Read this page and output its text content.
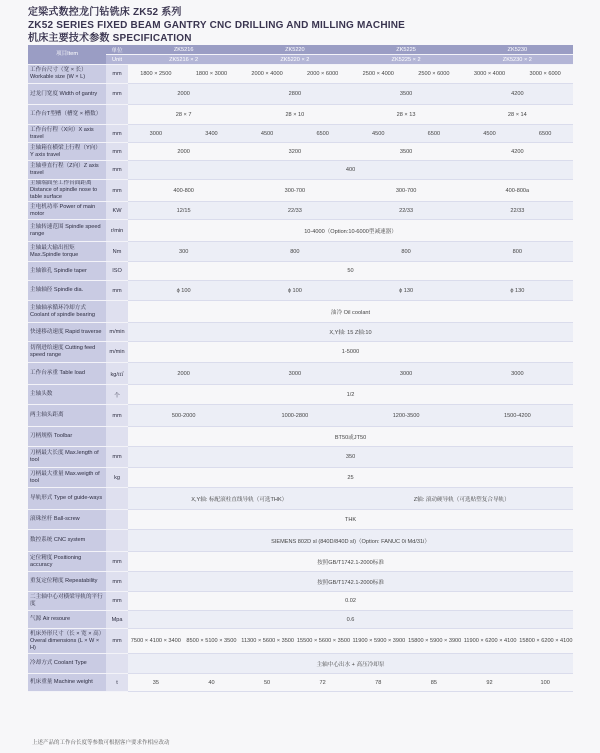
定梁式数控龙门钻铣床 ZK52 系列
ZK52 SERIES FIXED BEAM GANTRY CNC DRILLING AND MILLING MACHINE
机床主要技术参数 SPECIFICATION
项目Item	单位	ZK5216		ZK5220		ZK5225		ZK5230	
	Unit	ZK5216 × 2		ZK5220 × 2		ZK5225 × 2		ZK5230 × 2	
工作台尺寸（宽 × 长）Workable size (W × L)	mm	1800 × 2500	1800 × 3000	2000 × 4000	2000 × 6000	2500 × 4000	2500 × 6000	3000 × 4000	3000 × 6000
过龙门宽度 Width of gantry	mm	2000		2800		3500		4200	
工作台T型槽（槽宽 × 槽数）		28 × 7		28 × 10		28 × 13		28 × 14	
工作台行程（X向）X axis travel	mm	3000	3400	4500	6500	4500	6500	4500	6500
主轴箱在横梁上行程（Y向）Y axis travel	mm	2000		3200		3500		4200	
主轴垂直行程（Z向）Z axis travel	mm	400							
主轴端面至工作台面距离 Distance of spindle nose to table surface	mm	400-800		300-700		300-700		400-800a	
主电机功率 Power of main motor	KW	12/15		22/33		22/33		22/33	
主轴转速范围 Spindle speed range	r/min	10-4000（Option:10-6000型减速器）							
主轴最大输出扭矩 Max.Spindle torque	Nm	300		800		800		800	
主轴锥孔 Spindle taper	ISO	50							
主轴轴径 Spindle dia.	mm	ϕ 100		ϕ 100		ϕ 130		ϕ 130	
主轴轴承循环冷却方式 Coolant of spindle bearing		油冷 Oil coolant							
快速移动速度 Rapid traverse	m/min	X,Y轴: 15 Z轴:10							
切削进给速度 Cutting feed speed range	m/min	1-5000							
工作台承重 Table load	kg/㎡	2000		3000		3000		3000	
主轴头数	个	1/2							
两主轴头距离	mm	500-2000		1000-2800		1200-3500		1500-4200	
刀柄规格 Toolbar		BT50或JT50							
刀柄最大长度 Max.length of tool	mm	350							
刀柄最大重量 Max.weigth of tool	kg	25							
导轨形式 Type of guide-ways		X,Y轴: 标配滚柱直线导轨（可选THK）				Z轴: 滚动硬导轨（可选贴塑复合导轨）			
滚珠丝杆 Ball-screw		THK							
数控系统 CNC system		SIEMENS 802D sl (840D/840D sl)（Option: FANUC 0i Md/31i）							
定位精度 Positioning accuracy	mm	按照GB/T1742.1-2000标准							
重复定位精度 Repeatability	mm	按照GB/T1742.1-2000标准							
二主轴中心对横梁导轨的平行度	mm	0.02							
气源 Air resoure	Mpa	0.6							
机床外形尺寸（长 × 宽 × 高）Overal dimensions (L × W × H)	mm	7500 × 4100 × 3400	8500 × 5100 × 3500	11300 × 5600 × 3500	15500 × 5600 × 3500	11900 × 5900 × 3900	15800 × 5900 × 3900	11900 × 6200 × 4100	15800 × 6200 × 4100
冷却方式 Coolant Type		主轴中心出水 + 高压冷却泵							
机床重量 Machine weight	t	35	40	50	72	78	85	92	100
上述产品的工作台长度等参数可根据客户要求作相应改动
